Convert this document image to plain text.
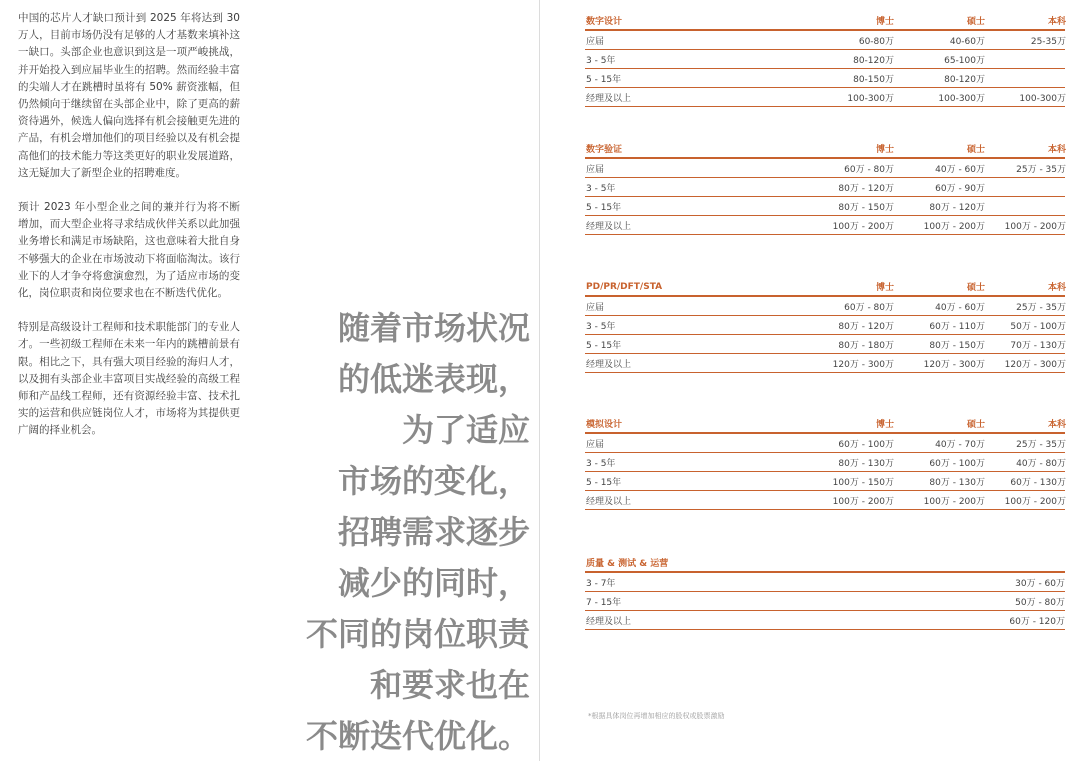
中国的芯片人才缺口预计到 2025 年将达到 30 万人，目前市场仍没有足够的人才基数来填补这一缺口。头部企业也意识到这是一项严峻挑战，并开始投入到应届毕业生的招聘。然而经验丰富的尖端人才在跳槽时虽将有 50% 薪资涨幅，但仍然倾向于继续留在头部企业中，除了更高的薪资待遇外，候选人偏向选择有机会接触更先进的产品，有机会增加他们的项目经验以及有机会提高他们的技术能力等这类更好的职业发展道路，这无疑加大了新型企业的招聘难度。

预计 2023 年小型企业之间的兼并行为将不断增加，而大型企业将寻求结成伙伴关系以此加强业务增长和满足市场缺陷，这也意味着大批自身不够强大的企业在市场波动下将面临淘汰。该行业下的人才争夺将愈演愈烈，为了适应市场的变化，岗位职责和岗位要求也在不断迭代优化。

特别是高级设计工程师和技术职能部门的专业人才。一些初级工程师在未来一年内的跳槽前景有限。相比之下，具有强大项目经验的海归人才，以及拥有头部企业丰富项目实战经验的高级工程师和产品线工程师，还有资源经验丰富、技术扎实的运营和供应链岗位人才，市场将为其提供更广阔的择业机会。

随着市场状况
的低迷表现，
为了适应
市场的变化，
招聘需求逐步
减少的同时，
不同的岗位职责
和要求也在
不断迭代优化。
数字设计	博士	硕士	本科
应届	60-80万	40-60万	25-35万
3 - 5年	80-120万	65-100万
5 - 15年	80-150万	80-120万
经理及以上	100-300万	100-300万	100-300万
数字验证	博士	硕士	本科
应届	60万 - 80万	40万 - 60万	25万 - 35万
3 - 5年	80万 - 120万	60万 - 90万
5 - 15年	80万 - 150万	80万 - 120万
经理及以上	100万 - 200万	100万 - 200万	100万 - 200万
PD/PR/DFT/STA	博士	硕士	本科
应届	60万 - 80万	40万 - 60万	25万 - 35万
3 - 5年	80万 - 120万	60万 - 110万	50万 - 100万
5 - 15年	80万 - 180万	80万 - 150万	70万 - 130万
经理及以上	120万 - 300万	120万 - 300万	120万 - 300万
模拟设计	博士	硕士	本科
应届	60万 - 100万	40万 - 70万	25万 - 35万
3 - 5年	80万 - 130万	60万 - 100万	40万 - 80万
5 - 15年	100万 - 150万	80万 - 130万	60万 - 130万
经理及以上	100万 - 200万	100万 - 200万	100万 - 200万
质量 & 测试 & 运营
3 - 7年	30万 - 60万
7 - 15年	50万 - 80万
经理及以上	60万 - 120万
*根据具体岗位再增加相应的股权或股票激励
